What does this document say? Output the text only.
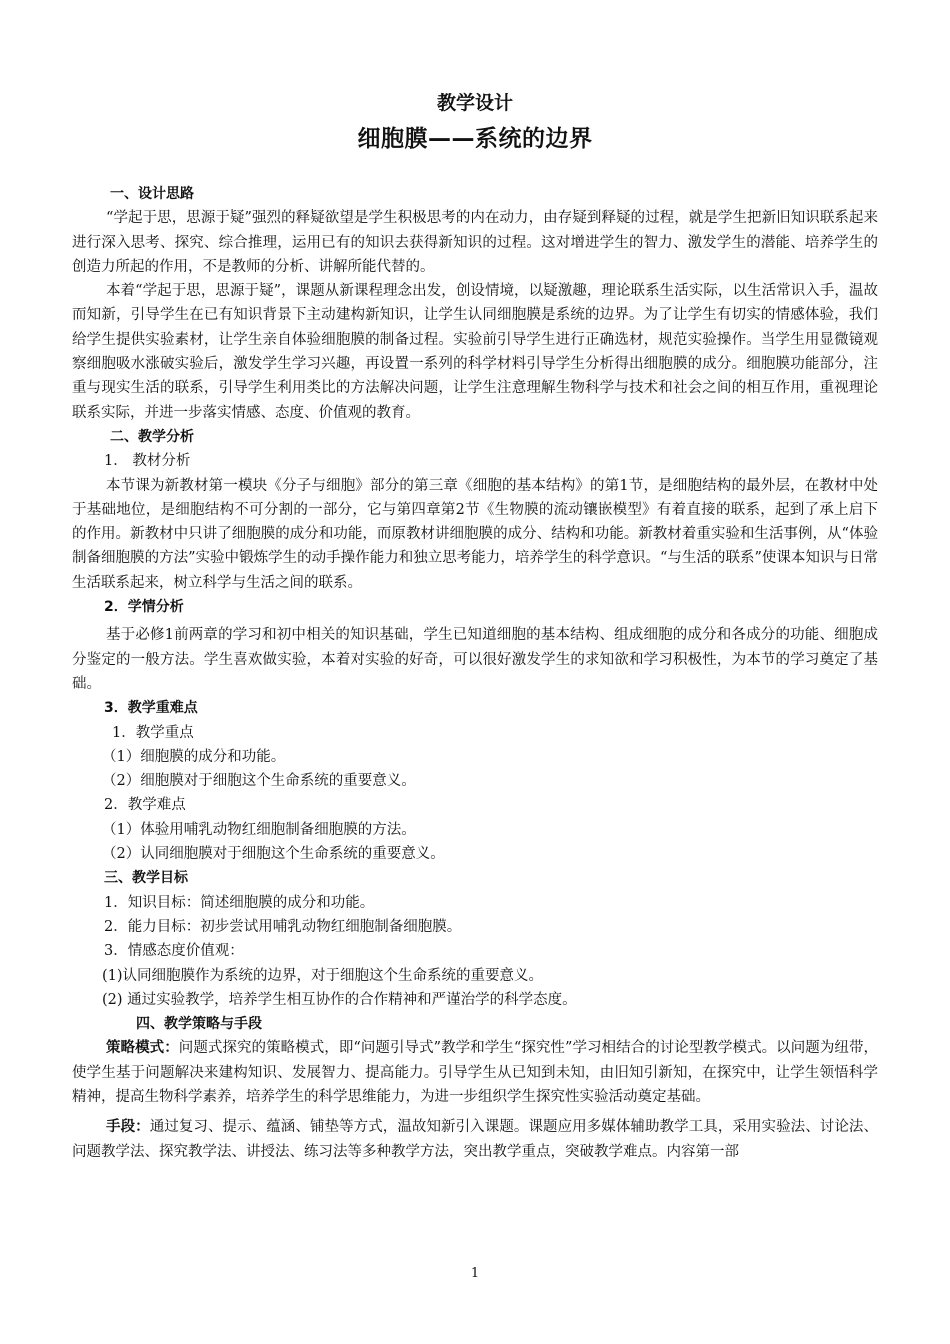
教学设计
细胞膜——系统的边界

一、设计思路

“学起于思，思源于疑”强烈的释疑欲望是学生积极思考的内在动力，由存疑到释疑的过程，就是学生把新旧知识联系起来进行深入思考、探究、综合推理，运用已有的知识去获得新知识的过程。这对增进学生的智力、激发学生的潜能、培养学生的创造力所起的作用，不是教师的分析、讲解所能代替的。

本着“学起于思，思源于疑”，课题从新课程理念出发，创设情境，以疑激趣，理论联系生活实际，以生活常识入手，温故而知新，引导学生在已有知识背景下主动建构新知识，让学生认同细胞膜是系统的边界。为了让学生有切实的情感体验，我们给学生提供实验素材，让学生亲自体验细胞膜的制备过程。实验前引导学生进行正确选材，规范实验操作。当学生用显微镜观察细胞吸水涨破实验后，激发学生学习兴趣，再设置一系列的科学材料引导学生分析得出细胞膜的成分。细胞膜功能部分，注重与现实生活的联系，引导学生利用类比的方法解决问题，让学生注意理解生物科学与技术和社会之间的相互作用，重视理论联系实际，并进一步落实情感、态度、价值观的教育。

二、教学分析

1． 教材分析

本节课为新教材第一模块《分子与细胞》部分的第三章《细胞的基本结构》的第1节，是细胞结构的最外层，在教材中处于基础地位，是细胞结构不可分割的一部分，它与第四章第2节《生物膜的流动镶嵌模型》有着直接的联系，起到了承上启下的作用。新教材中只讲了细胞膜的成分和功能，而原教材讲细胞膜的成分、结构和功能。新教材着重实验和生活事例，从“体验制备细胞膜的方法”实验中锻炼学生的动手操作能力和独立思考能力，培养学生的科学意识。“与生活的联系”使课本知识与日常生活联系起来，树立科学与生活之间的联系。

2．学情分析

基于必修1前两章的学习和初中相关的知识基础，学生已知道细胞的基本结构、组成细胞的成分和各成分的功能、细胞成分鉴定的一般方法。学生喜欢做实验，本着对实验的好奇，可以很好激发学生的求知欲和学习积极性，为本节的学习奠定了基础。

3．教学重难点

1．教学重点

（1）细胞膜的成分和功能。

（2）细胞膜对于细胞这个生命系统的重要意义。

2．教学难点

（1）体验用哺乳动物红细胞制备细胞膜的方法。

（2）认同细胞膜对于细胞这个生命系统的重要意义。

三、教学目标

1．知识目标：简述细胞膜的成分和功能。

2．能力目标：初步尝试用哺乳动物红细胞制备细胞膜。

3．情感态度价值观：

(1)认同细胞膜作为系统的边界，对于细胞这个生命系统的重要意义。

(2) 通过实验教学，培养学生相互协作的合作精神和严谨治学的科学态度。

四、教学策略与手段

策略模式：问题式探究的策略模式，即“问题引导式”教学和学生“探究性”学习相结合的讨论型教学模式。以问题为纽带，使学生基于问题解决来建构知识、发展智力、提高能力。引导学生从已知到未知，由旧知引新知，在探究中，让学生领悟科学精神，提高生物科学素养，培养学生的科学思维能力，为进一步组织学生探究性实验活动奠定基础。

手段：通过复习、提示、蕴涵、铺垫等方式，温故知新引入课题。课题应用多媒体辅助教学工具，采用实验法、讨论法、问题教学法、探究教学法、讲授法、练习法等多种教学方法，突出教学重点，突破教学难点。内容第一部

1
